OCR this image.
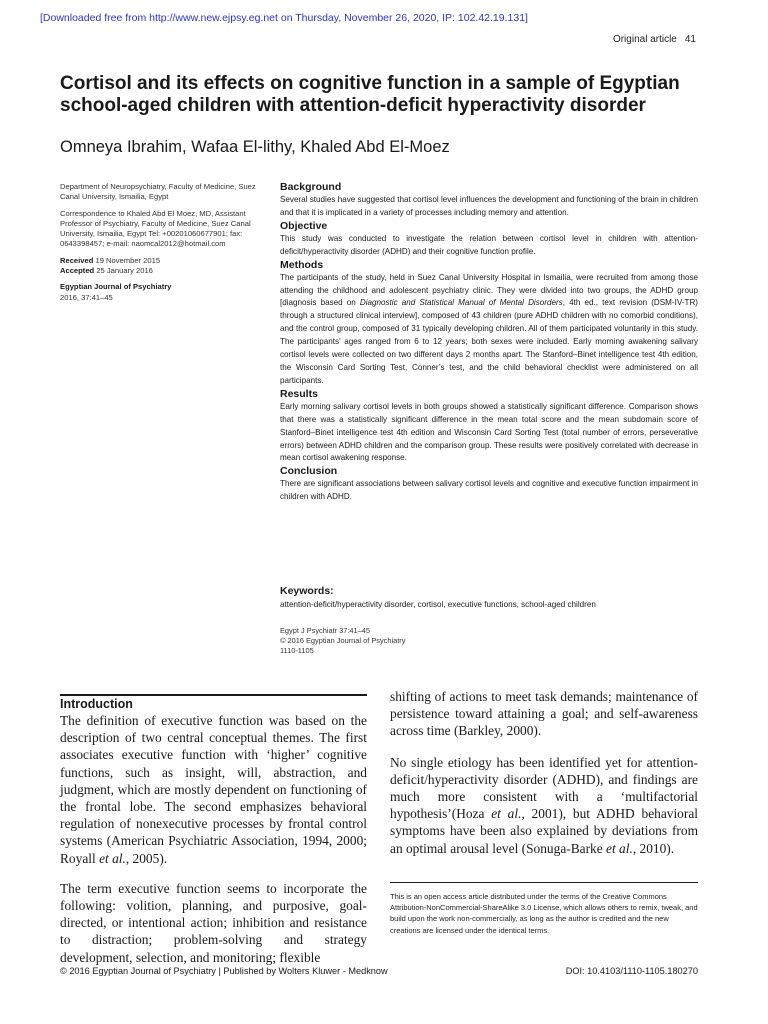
[Downloaded free from http://www.new.ejpsy.eg.net on Thursday, November 26, 2020, IP: 102.42.19.131]
Original article 41
Cortisol and its effects on cognitive function in a sample of Egyptian school-aged children with attention-deficit hyperactivity disorder
Omneya Ibrahim, Wafaa El-lithy, Khaled Abd El-Moez

Department of Neuropsychiatry, Faculty of Medicine, Suez Canal University, Ismailia, Egypt

Correspondence to Khaled Abd El Moez, MD, Assistant Professor of Psychiatry, Faculty of Medicine, Suez Canal University, Ismailia, Egypt Tel: +00201060677901; fax: 0643398457; e-mail: naomcal2012@hotmail.com

Received 19 November 2015
Accepted 25 January 2016

Egyptian Journal of Psychiatry
2016, 37:41–45

Background

Several studies have suggested that cortisol level influences the development and functioning of the brain in children and that it is implicated in a variety of processes including memory and attention.

Objective

This study was conducted to investigate the relation between cortisol level in children with attention-deficit/hyperactivity disorder (ADHD) and their cognitive function profile.

Methods

The participants of the study, held in Suez Canal University Hospital in Ismailia, were recruited from among those attending the childhood and adolescent psychiatry clinic. They were divided into two groups, the ADHD group [diagnosis based on Diagnostic and Statistical Manual of Mental Disorders, 4th ed., text revision (DSM-IV-TR) through a structured clinical interview], composed of 43 children (pure ADHD children with no comorbid conditions), and the control group, composed of 31 typically developing children. All of them participated voluntarily in this study. The participants’ ages ranged from 6 to 12 years; both sexes were included. Early morning awakening salivary cortisol levels were collected on two different days 2 months apart. The Stanford–Binet intelligence test 4th edition, the Wisconsin Card Sorting Test, Conner’s test, and the child behavioral checklist were administered on all participants.

Results

Early morning salivary cortisol levels in both groups showed a statistically significant difference. Comparison shows that there was a statistically significant difference in the mean total score and the mean subdomain score of Stanford–Binet intelligence test 4th edition and Wisconsin Card Sorting Test (total number of errors, perseverative errors) between ADHD children and the comparison group. These results were positively correlated with decrease in mean cortisol awakening response.

Conclusion

There are significant associations between salivary cortisol levels and cognitive and executive function impairment in children with ADHD.

Keywords:

attention-deficit/hyperactivity disorder, cortisol, executive functions, school-aged children

Egypt J Psychiatr 37:41–45
© 2016 Egyptian Journal of Psychiatry
1110-1105
Introduction

The definition of executive function was based on the description of two central conceptual themes. The first associates executive function with ‘higher’ cognitive functions, such as insight, will, abstraction, and judgment, which are mostly dependent on functioning of the frontal lobe. The second emphasizes behavioral regulation of nonexecutive processes by frontal control systems (American Psychiatric Association, 1994, 2000; Royall et al., 2005).

The term executive function seems to incorporate the following: volition, planning, and purposive, goal-directed, or intentional action; inhibition and resistance to distraction; problem-solving and strategy development, selection, and monitoring; flexible

shifting of actions to meet task demands; maintenance of persistence toward attaining a goal; and self-awareness across time (Barkley, 2000).

No single etiology has been identified yet for attention-deficit/hyperactivity disorder (ADHD), and findings are much more consistent with a ‘multifactorial hypothesis’(Hoza et al., 2001), but ADHD behavioral symptoms have been also explained by deviations from an optimal arousal level (Sonuga-Barke et al., 2010).

This is an open access article distributed under the terms of the Creative Commons Attribution-NonCommercial-ShareAlike 3.0 License, which allows others to remix, tweak, and build upon the work non-commercially, as long as the author is credited and the new creations are licensed under the identical terms.
© 2016 Egyptian Journal of Psychiatry | Published by Wolters Kluwer - Medknow	DOI: 10.4103/1110-1105.180270
